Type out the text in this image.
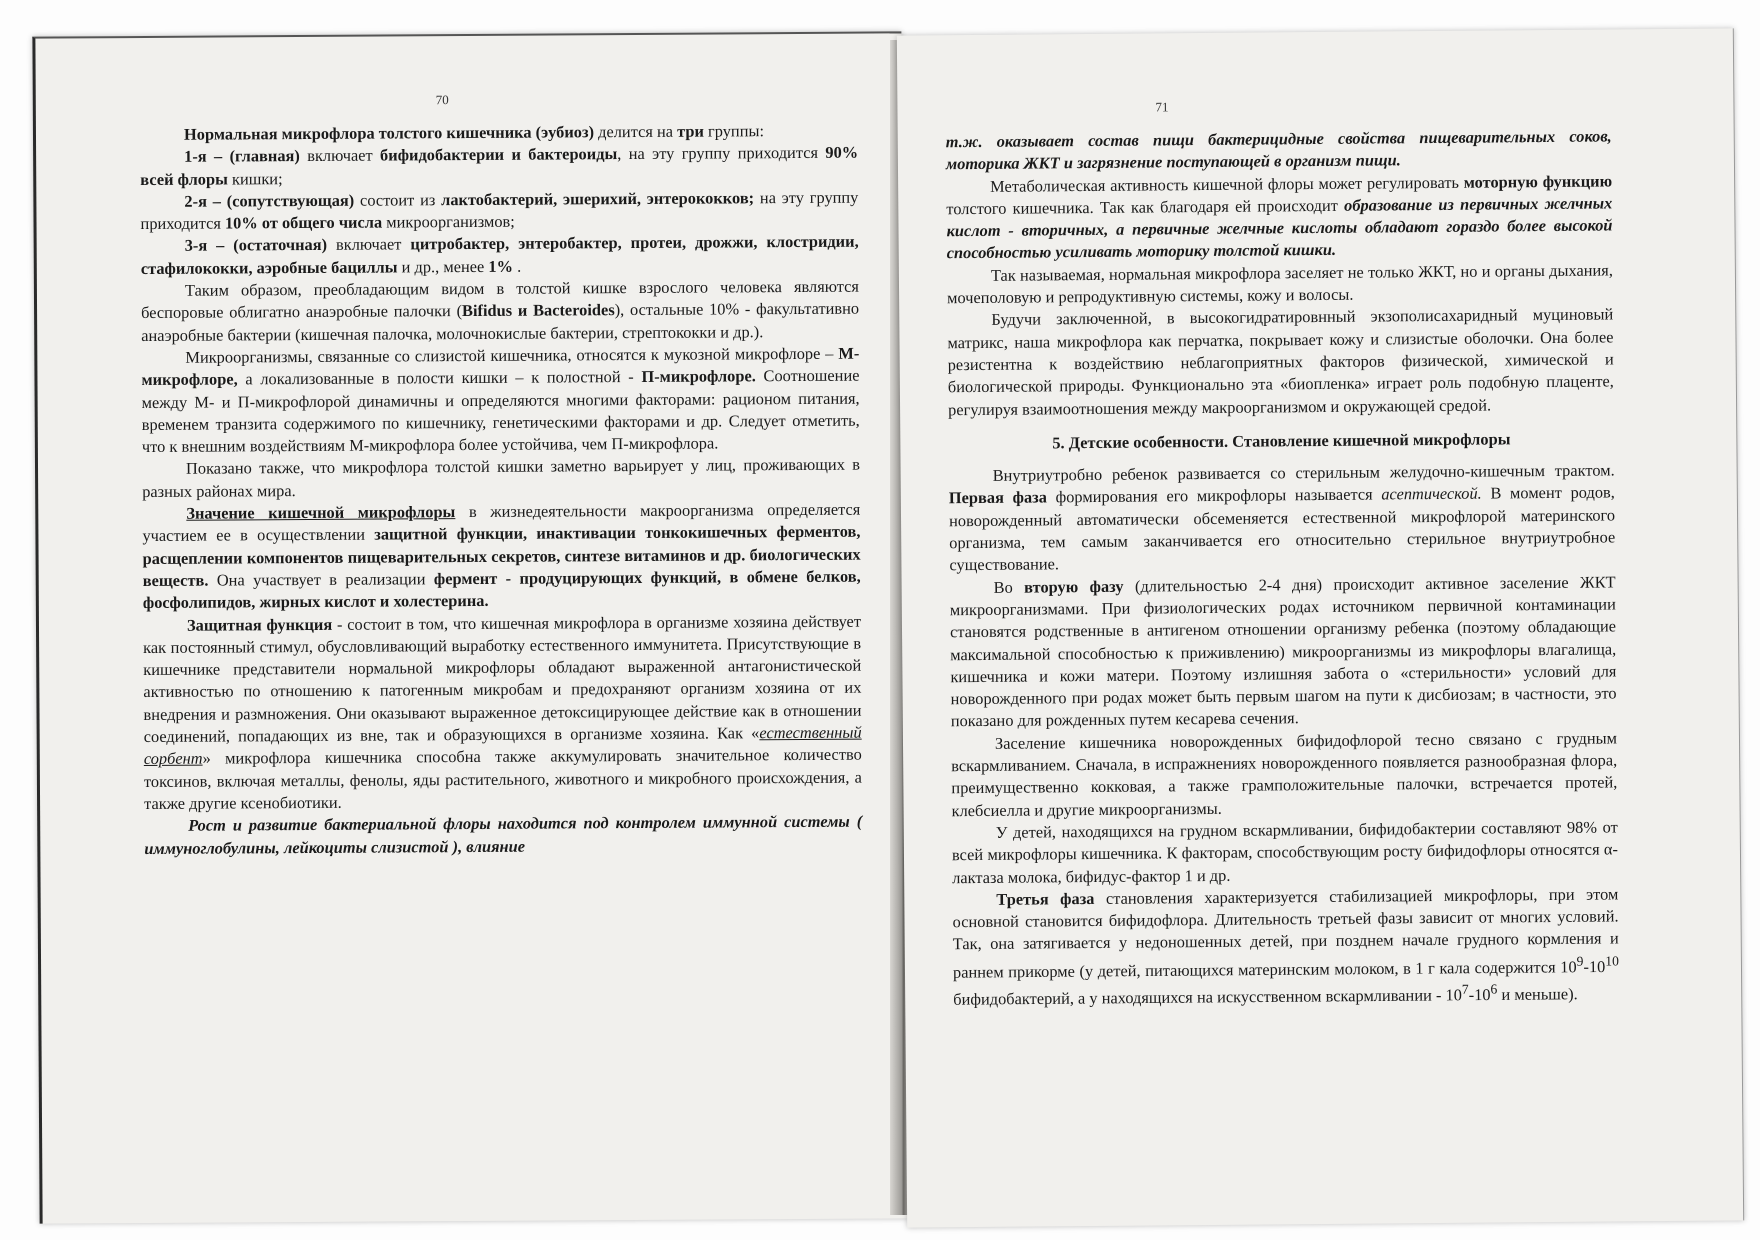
70

Нормальная микрофлора толстого кишечника (эубиоз) делится на три группы:

1-я – (главная) включает бифидобактерии и бактероиды, на эту группу приходится 90% всей флоры кишки;

2-я – (сопутствующая) состоит из лактобактерий, эшерихий, энтерококков; на эту группу приходится 10% от общего числа микроорганизмов;

3-я – (остаточная) включает цитробактер, энтеробактер, протеи, дрожжи, клостридии, стафилококки, аэробные бациллы и др., менее 1% .

Таким образом, преобладающим видом в толстой кишке взрослого человека являются беспоровые облигатно анаэробные палочки (Bifidus и Bacteroides), остальные 10% - факультативно анаэробные бактерии (кишечная палочка, молочнокислые бактерии, стрептококки и др.).

Микроорганизмы, связанные со слизистой кишечника, относятся к мукозной микрофлоре – М-микрофлоре, а локализованные в полости кишки – к полостной - П-микрофлоре. Соотношение между М- и П-микрофлорой динамичны и определяются многими факторами: рационом питания, временем транзита содержимого по кишечнику, генетическими факторами и др. Следует отметить, что к внешним воздействиям М-микрофлора более устойчива, чем П-микрофлора.

Показано также, что микрофлора толстой кишки заметно варьирует у лиц, проживающих в разных районах мира.

Значение кишечной микрофлоры в жизнедеятельности макроорганизма определяется участием ее в осуществлении защитной функции, инактивации тонкокишечных ферментов, расщеплении компонентов пищеварительных секретов, синтезе витаминов и др. биологических веществ. Она участвует в реализации фермент - продуцирующих функций, в обмене белков, фосфолипидов, жирных кислот и холестерина.

Защитная функция - состоит в том, что кишечная микрофлора в организме хозяина действует как постоянный стимул, обусловливающий выработку естественного иммунитета. Присутствующие в кишечнике представители нормальной микрофлоры обладают выраженной антагонистической активностью по отношению к патогенным микробам и предохраняют организм хозяина от их внедрения и размножения. Они оказывают выраженное детоксицирующее действие как в отношении соединений, попадающих из вне, так и образующихся в организме хозяина. Как «естественный сорбент» микрофлора кишечника способна также аккумулировать значительное количество токсинов, включая металлы, фенолы, яды растительного, животного и микробного происхождения, а также другие ксенобиотики.

Рост и развитие бактериальной флоры находится под контролем иммунной системы ( иммуноглобулины, лейкоциты слизистой ), влияние

71

т.ж. оказывает состав пищи бактерицидные свойства пищеварительных соков, моторика ЖКТ и загрязнение поступающей в организм пищи.

Метаболическая активность кишечной флоры может регулировать моторную функцию толстого кишечника. Так как благодаря ей происходит образование из первичных желчных кислот - вторичных, а первичные желчные кислоты обладают гораздо более высокой способностью усиливать моторику толстой кишки.

Так называемая, нормальная микрофлора заселяет не только ЖКТ, но и органы дыхания, мочеполовую и репродуктивную системы, кожу и волосы.

Будучи заключенной, в высокогидратировнный экзополисахаридный муциновый матрикс, наша микрофлора как перчатка, покрывает кожу и слизистые оболочки. Она более резистентна к воздействию неблагоприятных факторов физической, химической и биологической природы. Функционально эта «биопленка» играет роль подобную плаценте, регулируя взаимоотношения между макроорганизмом и окружающей средой.

5. Детские особенности. Становление кишечной микрофлоры

Внутриутробно ребенок развивается со стерильным желудочно-кишечным трактом. Первая фаза формирования его микрофлоры называется асептической. В момент родов, новорожденный автоматически обсеменяется естественной микрофлорой материнского организма, тем самым заканчивается его относительно стерильное внутриутробное существование.

Во вторую фазу (длительностью 2-4 дня) происходит активное заселение ЖКТ микроорганизмами. При физиологических родах источником первичной контаминации становятся родственные в антигеном отношении организму ребенка (поэтому обладающие максимальной способностью к приживлению) микроорганизмы из микрофлоры влагалища, кишечника и кожи матери. Поэтому излишняя забота о «стерильности» условий для новорожденного при родах может быть первым шагом на пути к дисбиозам; в частности, это показано для рожденных путем кесарева сечения.

Заселение кишечника новорожденных бифидофлорой тесно связано с грудным вскармливанием. Сначала, в испражнениях новорожденного появляется разнообразная флора, преимущественно кокковая, а также грамположительные палочки, встречается протей, клебсиелла и другие микроорганизмы.

У детей, находящихся на грудном вскармливании, бифидобактерии составляют 98% от всей микрофлоры кишечника. К факторам, способствующим росту бифидофлоры относятся α-лактаза молока, бифидус-фактор 1 и др.

Третья фаза становления характеризуется стабилизацией микрофлоры, при этом основной становится бифидофлора. Длительность третьей фазы зависит от многих условий. Так, она затягивается у недоношенных детей, при позднем начале грудного кормления и раннем прикорме (у детей, питающихся материнским молоком, в 1 г кала содержится $10^9-10^{10}$ бифидобактерий, а у находящихся на искусственном вскармливании - $10^7-10^6$ и меньше).
